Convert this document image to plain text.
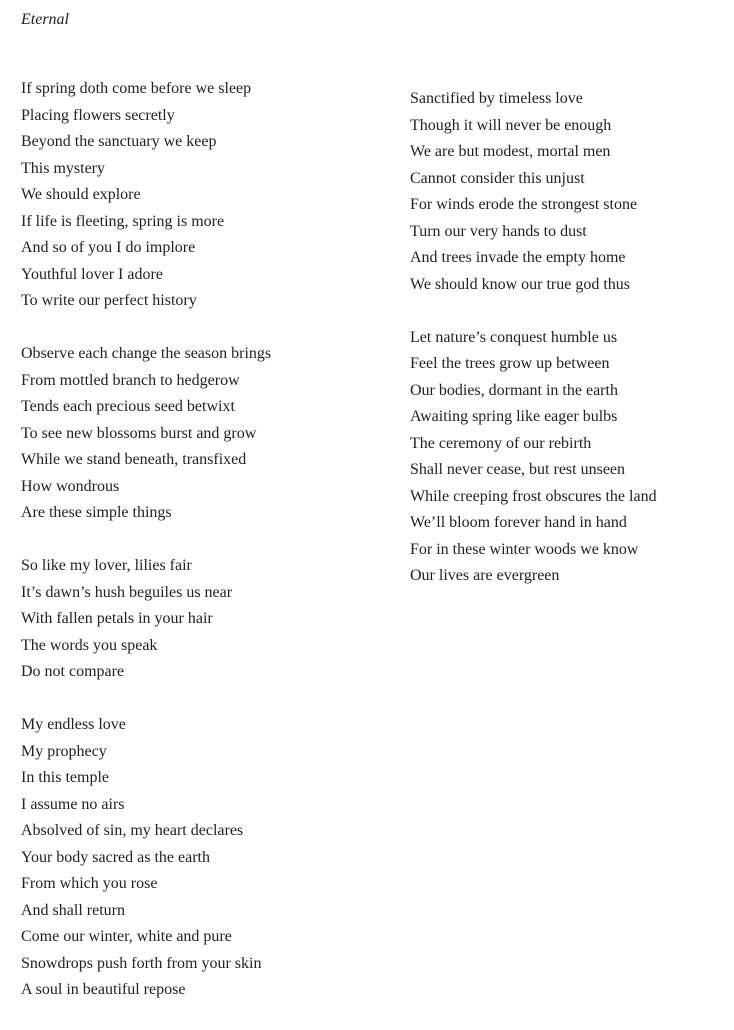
Eternal
If spring doth come before we sleep
Placing flowers secretly
Beyond the sanctuary we keep
This mystery
We should explore
If life is fleeting, spring is more
And so of you I do implore
Youthful lover I adore
To write our perfect history
Observe each change the season brings
From mottled branch to hedgerow
Tends each precious seed betwixt
To see new blossoms burst and grow
While we stand beneath, transfixed
How wondrous
Are these simple things
So like my lover, lilies fair
It’s dawn’s hush beguiles us near
With fallen petals in your hair
The words you speak
Do not compare
My endless love
My prophecy
In this temple
I assume no airs
Absolved of sin, my heart declares
Your body sacred as the earth
From which you rose
And shall return
Come our winter, white and pure
Snowdrops push forth from your skin
A soul in beautiful repose
Sanctified by timeless love
Though it will never be enough
We are but modest, mortal men
Cannot consider this unjust
For winds erode the strongest stone
Turn our very hands to dust
And trees invade the empty home
We should know our true god thus
Let nature’s conquest humble us
Feel the trees grow up between
Our bodies, dormant in the earth
Awaiting spring like eager bulbs
The ceremony of our rebirth
Shall never cease, but rest unseen
While creeping frost obscures the land
We’ll bloom forever hand in hand
For in these winter woods we know
Our lives are evergreen
